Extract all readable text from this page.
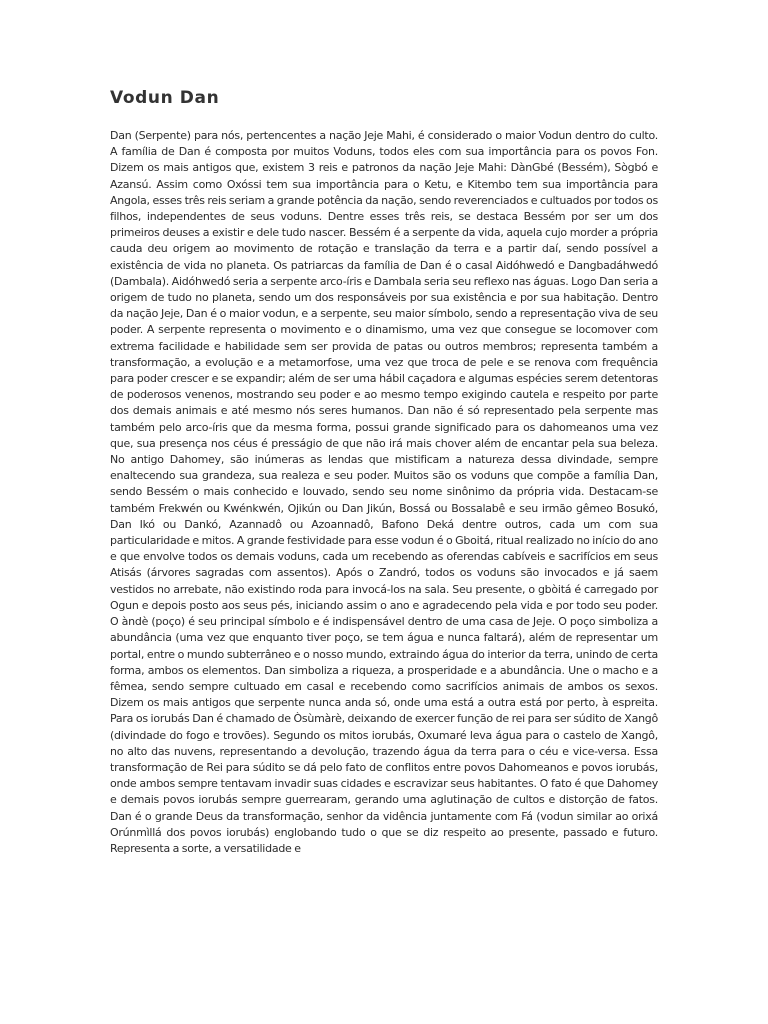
Vodun Dan

Dan (Serpente) para nós, pertencentes a nação Jeje Mahi, é considerado o maior Vodun dentro do culto. A família de Dan é composta por muitos Voduns, todos eles com sua importância para os povos Fon. Dizem os mais antigos que, existem 3 reis e patronos da nação Jeje Mahi: DànGbé (Bessém), Sògbó e Azansú. Assim como Oxóssi tem sua importância para o Ketu, e Kitembo tem sua importância para Angola, esses três reis seriam a grande potência da nação, sendo reverenciados e cultuados por todos os filhos, independentes de seus voduns. Dentre esses três reis, se destaca Bessém por ser um dos primeiros deuses a existir e dele tudo nascer. Bessém é a serpente da vida, aquela cujo morder a própria cauda deu origem ao movimento de rotação e translação da terra e a partir daí, sendo possível a existência de vida no planeta. Os patriarcas da família de Dan é o casal Aidóhwedó e Dangbadáhwedó (Dambala). Aidóhwedó seria a serpente arco-íris e Dambala seria seu reflexo nas águas. Logo Dan seria a origem de tudo no planeta, sendo um dos responsáveis por sua existência e por sua habitação. Dentro da nação Jeje, Dan é o maior vodun, e a serpente, seu maior símbolo, sendo a representação viva de seu poder. A serpente representa o movimento e o dinamismo, uma vez que consegue se locomover com extrema facilidade e habilidade sem ser provida de patas ou outros membros; representa também a transformação, a evolução e a metamorfose, uma vez que troca de pele e se renova com frequência para poder crescer e se expandir; além de ser uma hábil caçadora e algumas espécies serem detentoras de poderosos venenos, mostrando seu poder e ao mesmo tempo exigindo cautela e respeito por parte dos demais animais e até mesmo nós seres humanos. Dan não é só representado pela serpente mas também pelo arco-íris que da mesma forma, possui grande significado para os dahomeanos uma vez que, sua presença nos céus é presságio de que não irá mais chover além de encantar pela sua beleza. No antigo Dahomey, são inúmeras as lendas que mistificam a natureza dessa divindade, sempre enaltecendo sua grandeza, sua realeza e seu poder. Muitos são os voduns que compõe a família Dan, sendo Bessém o mais conhecido e louvado, sendo seu nome sinônimo da própria vida. Destacam-se também Frekwén ou Kwénkwén, Ojikún ou Dan Jikún, Bossá ou Bossalabê e seu irmão gêmeo Bosukó, Dan Ikó ou Dankó, Azannadô ou Azoannadô, Bafono Deká dentre outros, cada um com sua particularidade e mitos. A grande festividade para esse vodun é o Gboitá, ritual realizado no início do ano e que envolve todos os demais voduns, cada um recebendo as oferendas cabíveis e sacrifícios em seus Atisás (árvores sagradas com assentos). Após o Zandró, todos os voduns são invocados e já saem vestidos no arrebate, não existindo roda para invocá-los na sala. Seu presente, o gbòitá é carregado por Ogun e depois posto aos seus pés, iniciando assim o ano e agradecendo pela vida e por todo seu poder. O àndè (poço) é seu principal símbolo e é indispensável dentro de uma casa de Jeje. O poço simboliza a abundância (uma vez que enquanto tiver poço, se tem água e nunca faltará), além de representar um portal, entre o mundo subterrâneo e o nosso mundo, extraindo água do interior da terra, unindo de certa forma, ambos os elementos. Dan simboliza a riqueza, a prosperidade e a abundância. Une o macho e a fêmea, sendo sempre cultuado em casal e recebendo como sacrifícios animais de ambos os sexos. Dizem os mais antigos que serpente nunca anda só, onde uma está a outra está por perto, à espreita. Para os iorubás Dan é chamado de Òsùmàrè, deixando de exercer função de rei para ser súdito de Xangô (divindade do fogo e trovões). Segundo os mitos iorubás, Oxumaré leva água para o castelo de Xangô, no alto das nuvens, representando a devolução, trazendo água da terra para o céu e vice-versa. Essa transformação de Rei para súdito se dá pelo fato de conflitos entre povos Dahomeanos e povos iorubás, onde ambos sempre tentavam invadir suas cidades e escravizar seus habitantes. O fato é que Dahomey e demais povos iorubás sempre guerrearam, gerando uma aglutinação de cultos e distorção de fatos. Dan é o grande Deus da transformação, senhor da vidência juntamente com Fá (vodun similar ao orixá Orúnmìllá dos povos iorubás) englobando tudo o que se diz respeito ao presente, passado e futuro. Representa a sorte, a versatilidade e
